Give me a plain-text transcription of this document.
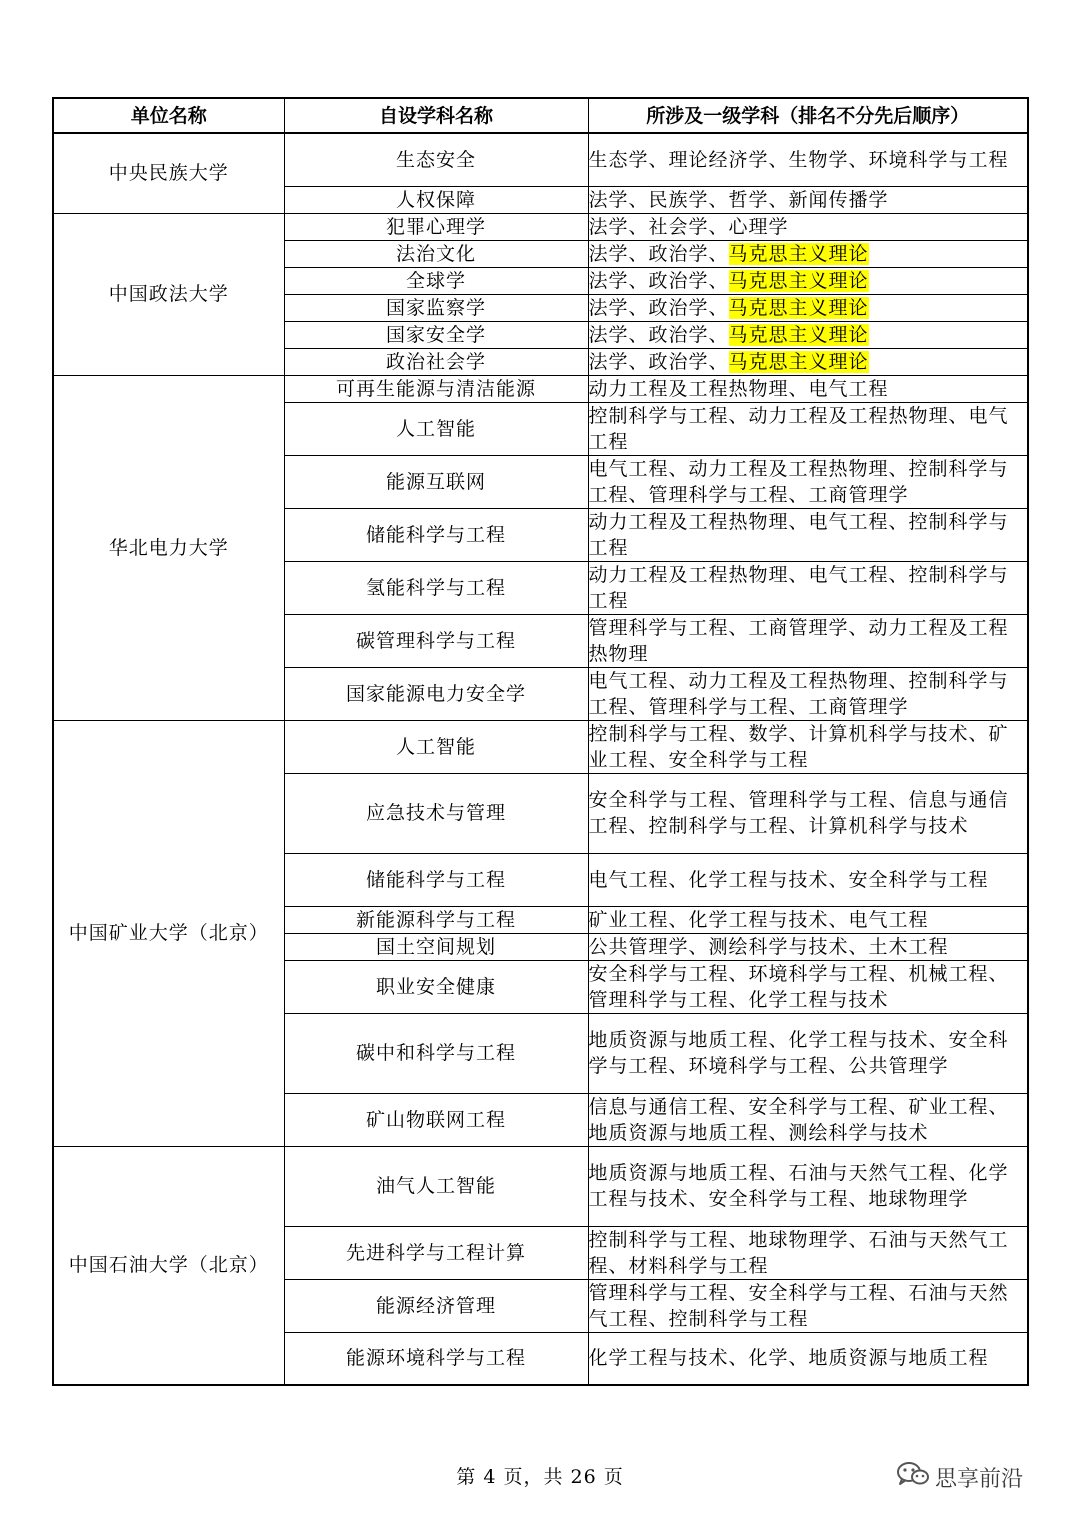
单位名称	自设学科名称	所涉及一级学科（排名不分先后顺序）
中央民族大学	生态安全	生态学、理论经济学、生物学、环境科学与工程
	人权保障	法学、民族学、哲学、新闻传播学
中国政法大学	犯罪心理学	法学、社会学、心理学
	法治文化	法学、政治学、马克思主义理论
	全球学	法学、政治学、马克思主义理论
	国家监察学	法学、政治学、马克思主义理论
	国家安全学	法学、政治学、马克思主义理论
	政治社会学	法学、政治学、马克思主义理论
华北电力大学	可再生能源与清洁能源	动力工程及工程热物理、电气工程
	人工智能	控制科学与工程、动力工程及工程热物理、电气工程
	能源互联网	电气工程、动力工程及工程热物理、控制科学与工程、管理科学与工程、工商管理学
	储能科学与工程	动力工程及工程热物理、电气工程、控制科学与工程
	氢能科学与工程	动力工程及工程热物理、电气工程、控制科学与工程
	碳管理科学与工程	管理科学与工程、工商管理学、动力工程及工程热物理
	国家能源电力安全学	电气工程、动力工程及工程热物理、控制科学与工程、管理科学与工程、工商管理学
中国矿业大学（北京）	人工智能	控制科学与工程、数学、计算机科学与技术、矿业工程、安全科学与工程
	应急技术与管理	安全科学与工程、管理科学与工程、信息与通信工程、控制科学与工程、计算机科学与技术
	储能科学与工程	电气工程、化学工程与技术、安全科学与工程
	新能源科学与工程	矿业工程、化学工程与技术、电气工程
	国土空间规划	公共管理学、测绘科学与技术、土木工程
	职业安全健康	安全科学与工程、环境科学与工程、机械工程、管理科学与工程、化学工程与技术
	碳中和科学与工程	地质资源与地质工程、化学工程与技术、安全科学与工程、环境科学与工程、公共管理学
	矿山物联网工程	信息与通信工程、安全科学与工程、矿业工程、地质资源与地质工程、测绘科学与技术
中国石油大学（北京）	油气人工智能	地质资源与地质工程、石油与天然气工程、化学工程与技术、安全科学与工程、地球物理学
	先进科学与工程计算	控制科学与工程、地球物理学、石油与天然气工程、材料科学与工程
	能源经济管理	管理科学与工程、安全科学与工程、石油与天然气工程、控制科学与工程
	能源环境科学与工程	化学工程与技术、化学、地质资源与地质工程
第 4 页，共 26 页	思享前沿
